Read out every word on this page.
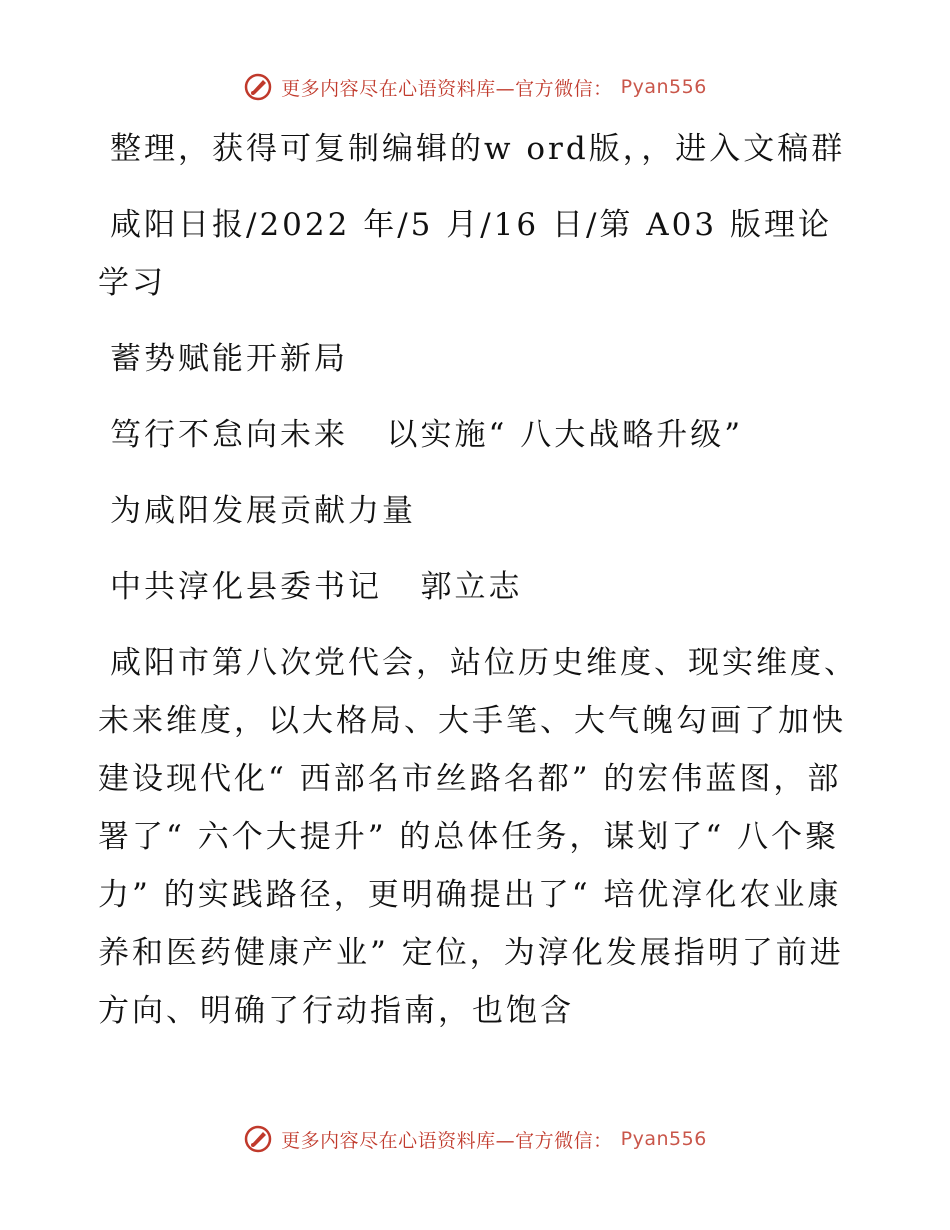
更多内容尽在心语资料库—官方微信： Pyan556

整理，获得可复制编辑的w ord版，，进入文稿群

咸阳日报/2022 年/5 月/16 日/第 A03 版理论学习

蓄势赋能开新局

笃行不怠向未来   以实施“ 八大战略升级”

为咸阳发展贡献力量

中共淳化县委书记   郭立志

咸阳市第八次党代会，站位历史维度、现实维度、未来维度，以大格局、大手笔、大气魄勾画了加快建设现代化“ 西部名市丝路名都” 的宏伟蓝图，部署了“ 六个大提升” 的总体任务，谋划了“ 八个聚力” 的实践路径，更明确提出了“ 培优淳化农业康养和医药健康产业” 定位，为淳化发展指明了前进方向、明确了行动指南，也饱含

更多内容尽在心语资料库—官方微信： Pyan556
